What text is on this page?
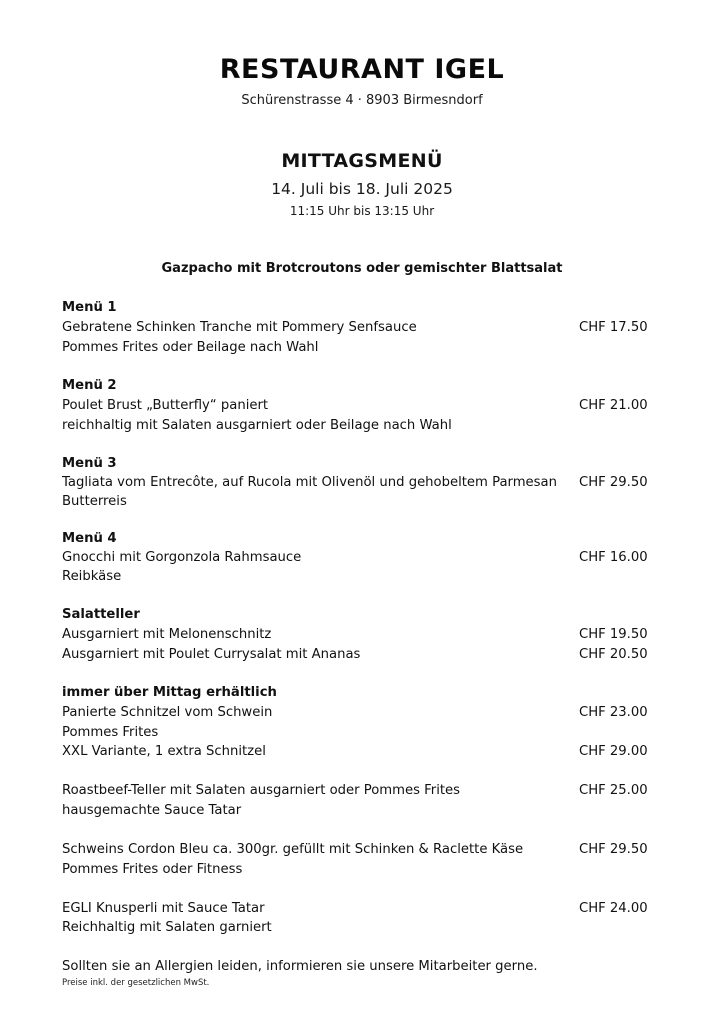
RESTAURANT IGEL
Schürenstrasse 4 · 8903 Birmesndorf
MITTAGSMENÜ
14. Juli bis 18. Juli 2025
11:15 Uhr bis 13:15 Uhr
Gazpacho mit Brotcroutons oder gemischter Blattsalat
Menü 1
Gebratene Schinken Tranche mit Pommery Senfsauce	CHF 17.50
Pommes Frites oder Beilage nach Wahl
Menü 2
Poulet Brust „Butterfly“ paniert	CHF 21.00
reichhaltig mit Salaten ausgarniert oder Beilage nach Wahl
Menü 3
Tagliata vom Entrecôte, auf Rucola mit Olivenöl und gehobeltem Parmesan CHF 29.50
Butterreis
Menü 4
Gnocchi mit Gorgonzola Rahmsauce	CHF 16.00
Reibkäse
Salatteller
Ausgarniert mit Melonenschnitz	CHF 19.50
Ausgarniert mit Poulet Currysalat mit Ananas	CHF 20.50
immer über Mittag erhältlich
Panierte Schnitzel vom Schwein	CHF 23.00
Pommes Frites
XXL Variante, 1 extra Schnitzel	CHF 29.00
Roastbeef-Teller mit Salaten ausgarniert oder Pommes Frites	CHF 25.00
hausgemachte Sauce Tatar
Schweins Cordon Bleu ca. 300gr. gefüllt mit Schinken & Raclette Käse	CHF 29.50
Pommes Frites oder Fitness
EGLI Knusperli mit Sauce Tatar	CHF 24.00
Reichhaltig mit Salaten garniert
Sollten sie an Allergien leiden, informieren sie unsere Mitarbeiter gerne.
Preise inkl. der gesetzlichen MwSt.
